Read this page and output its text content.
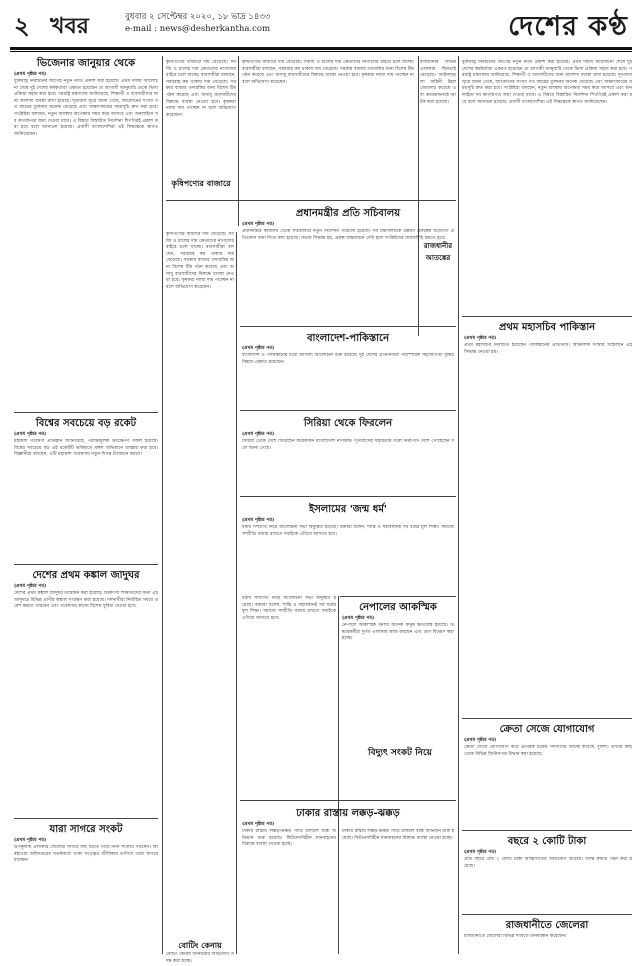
২ খবর	বুধবার ২ সেপ্টেম্বর ২০২০, ১৮ ভাদ্র ১৪৩৩
e-mail : news@desherkantha.com	দেশের কণ্ঠ
ভিজেনার জানুয়ার থেকে
(প্রথম পৃষ্ঠার পর)
যুক্তরাষ্ট্র নির্বাচনের আগেই নতুন নীতি প্রকাশ করা হয়েছে। প্রথম দফায় আলোচনা শেষে দুই দেশের কর্মকর্তারা একমত হয়েছেন যে আগামী জানুয়ারি থেকে ভিসা প্রক্রিয়া সহজ করা হবে। পররাষ্ট্র মন্ত্রণালয় জানিয়েছে, শিক্ষার্থী ও ব্যবসায়ীদের জন্য আলাদা ব্যবস্থা রাখা হয়েছে। দূতাবাস সূত্রে জানা গেছে, আবেদনের সংখ্যা গত বছরের তুলনায় অনেক বেড়েছে এবং সাক্ষাৎকারের সময়সূচি দ্রুত করা হবে। সংশ্লিষ্টরা বলছেন, নতুন ব্যবস্থায় অপেক্ষার সময় কমে আসবে এবং অনলাইনে সব কাগজপত্র জমা দেওয়া যাবে। এ বিষয়ে বিস্তারিত নির্দেশনা শিগগিরই প্রকাশ করা হবে বলে জানানো হয়েছে। প্রবাসী বাংলাদেশিরা এই সিদ্ধান্তকে স্বাগত জানিয়েছেন।
বিশ্বের সবচেয়ে বড় রকেট
(প্রথম পৃষ্ঠার পর)
মহাকাশ গবেষণা প্রতিষ্ঠান জানিয়েছে, পরীক্ষামূলক উৎক্ষেপণ সফল হয়েছে। বিশ্বের সবচেয়ে বড় এই রকেটটি ভবিষ্যতে মঙ্গল অভিযানে ব্যবহার করা হবে। বিজ্ঞানীরা বলছেন, এটি মহাকাশ গবেষণায় নতুন দিগন্ত উন্মোচন করবে।
দেশের প্রথম কঙ্কাল জাদুঘর
(প্রথম পৃষ্ঠার পর)
দেশের প্রথম কঙ্কাল জাদুঘর উদ্বোধন করা হয়েছে। চিকিৎসা শিক্ষার্থীদের জন্য এই জাদুঘরে বিভিন্ন প্রাণীর কঙ্কাল সংরক্ষণ করা হয়েছে। দর্শনার্থীরা নির্ধারিত সময়ে প্রবেশ করতে পারবেন এবং গবেষণার কাজে বিশেষ সুবিধা দেওয়া হবে।
যারা সাগরে সংকট
(প্রথম পৃষ্ঠার পর)
উপকূলীয় এলাকার জেলেরা সাগরে মাছ ধরতে গিয়ে নানা সংকটে পড়ছেন। আবহাওয়া অধিদপ্তরের সতর্কবার্তা থাকা সত্ত্বেও জীবিকার তাগিদে তারা সাগরে যাচ্ছেন।
কৃষিপণ্যের বাজারে
কৃষিপণ্যের বাজারে দাম বেড়েছে। সবজি ও চালের দাম ক্রেতাদের নাগালের বাইরে চলে যাচ্ছে। ব্যবসায়ীরা বলছেন, সরবরাহ কম থাকায় দাম বেড়েছে। সরকার বাজার তদারকির জন্য বিশেষ টিম গঠন করেছে এবং অসাধু ব্যবসায়ীদের বিরুদ্ধে ব্যবস্থা নেওয়া হবে। কৃষকরা ন্যায্য দাম পাচ্ছেন না বলে অভিযোগ করেছেন।
কৃষিপণ্যের বাজারে দাম বেড়েছে। সবজি ও চালের দাম ক্রেতাদের নাগালের বাইরে চলে যাচ্ছে। ব্যবসায়ীরা বলছেন, সরবরাহ কম থাকায় দাম বেড়েছে। সরকার বাজার তদারকির জন্য বিশেষ টিম গঠন করেছে এবং অসাধু ব্যবসায়ীদের বিরুদ্ধে ব্যবস্থা নেওয়া হবে। কৃষকরা ন্যায্য দাম পাচ্ছেন না বলে অভিযোগ করেছেন।
প্রধানমন্ত্রীর প্রতি সচিবালয়
(প্রথম পৃষ্ঠার পর)
প্রধানমন্ত্রীর কার্যালয় থেকে সচিবালয়ে নতুন নির্দেশনা পাঠানো হয়েছে। সব মন্ত্রণালয়কে উন্নয়ন প্রকল্পের অগ্রগতি প্রতিবেদন জমা দিতে বলা হয়েছে। সভায় সিদ্ধান্ত হয়, প্রকল্প বাস্তবায়নে দেরি হলে সংশ্লিষ্টদের জবাবদিহি করতে হবে।
কৃষিপণ্যের বাজারে দাম বেড়েছে। সবজি ও চালের দাম ক্রেতাদের নাগালের বাইরে চলে যাচ্ছে। ব্যবসায়ীরা বলছেন, সরবরাহ কম থাকায় দাম বেড়েছে। সরকার বাজার তদারকির জন্য বিশেষ টিম গঠন করেছে এবং অসাধু ব্যবসায়ীদের বিরুদ্ধে ব্যবস্থা নেওয়া হবে। কৃষকরা ন্যায্য দাম পাচ্ছেন না বলে অভিযোগ করেছেন।
বাংলাদেশ-পাকিস্তানে
(প্রথম পৃষ্ঠার পর)
বাংলাদেশ ও পাকিস্তানের মধ্যে বাণিজ্য আলোচনা শুরু হয়েছে। দুই দেশের প্রতিনিধিরা পারস্পরিক সহযোগিতা বৃদ্ধির বিষয়ে একমত হয়েছেন।
সিরিয়া থেকে ফিরলেন
(প্রথম পৃষ্ঠার পর)
সিরিয়া থেকে দেশে ফিরেছেন কয়েকজন বাংলাদেশি নাগরিক। দূতাবাসের সহায়তায় তারা নিরাপদে দেশে পৌঁছেছেন বলে জানা গেছে।
ইসলামের 'জন্ম ধর্ম'
(প্রথম পৃষ্ঠার পর)
ধর্মীয় সম্প্রীতি নিয়ে আলোচনা সভা অনুষ্ঠিত হয়েছে। বক্তারা বলেন, শান্তি ও সহাবস্থানই সব ধর্মের মূল শিক্ষা। সমাজে সম্প্রীতি বজায় রাখতে সবাইকে এগিয়ে আসতে হবে।
নেপালের আকস্মিক
(প্রথম পৃষ্ঠার পর)
নেপালে আকস্মিক বন্যায় অনেক মানুষ ক্ষতিগ্রস্ত হয়েছে। উদ্ধারকর্মীরা দুর্গত এলাকায় কাজ করছেন এবং ত্রাণ বিতরণ করা হচ্ছে।
ঢাকার রাস্তায় লক্কড়-ঝক্কড়
(প্রথম পৃষ্ঠার পর)
ঢাকার রাস্তায় লক্কড়-ঝক্কড় গাড়ি চলাচল বন্ধে অভিযান শুরু হয়েছে। ফিটনেসবিহীন যানবাহনের বিরুদ্ধে ব্যবস্থা নেওয়া হচ্ছে।
ঢাকার রাস্তায় লক্কড়-ঝক্কড় গাড়ি চলাচল বন্ধে অভিযান শুরু হয়েছে। ফিটনেসবিহীন যানবাহনের বিরুদ্ধে ব্যবস্থা নেওয়া হচ্ছে।
ধর্মীয় সম্প্রীতি নিয়ে আলোচনা সভা অনুষ্ঠিত হয়েছে। বক্তারা বলেন, শান্তি ও সহাবস্থানই সব ধর্মের মূল শিক্ষা। সমাজে সম্প্রীতি বজায় রাখতে সবাইকে এগিয়ে আসতে হবে।
রাজধানীর আতঙ্কের
রাজধানীর বিভিন্ন এলাকায় ছিনতাই বেড়েছে। আইনশৃঙ্খলা বাহিনী টহল জোরদার করেছে এবং কয়েকজনকে আটক করা হয়েছে।
বিদ্যুৎ সংকট নিয়ে
যুক্তরাষ্ট্র নির্বাচনের আগেই নতুন নীতি প্রকাশ করা হয়েছে। প্রথম দফায় আলোচনা শেষে দুই দেশের কর্মকর্তারা একমত হয়েছেন যে আগামী জানুয়ারি থেকে ভিসা প্রক্রিয়া সহজ করা হবে। পররাষ্ট্র মন্ত্রণালয় জানিয়েছে, শিক্ষার্থী ও ব্যবসায়ীদের জন্য আলাদা ব্যবস্থা রাখা হয়েছে। দূতাবাস সূত্রে জানা গেছে, আবেদনের সংখ্যা গত বছরের তুলনায় অনেক বেড়েছে এবং সাক্ষাৎকারের সময়সূচি দ্রুত করা হবে। সংশ্লিষ্টরা বলছেন, নতুন ব্যবস্থায় অপেক্ষার সময় কমে আসবে এবং অনলাইনে সব কাগজপত্র জমা দেওয়া যাবে। এ বিষয়ে বিস্তারিত নির্দেশনা শিগগিরই প্রকাশ করা হবে বলে জানানো হয়েছে। প্রবাসী বাংলাদেশিরা এই সিদ্ধান্তকে স্বাগত জানিয়েছেন।
প্রথম মহাসচিব পাকিস্তান
(প্রথম পৃষ্ঠার পর)
প্রথম মহাসচিব নির্বাচিত হয়েছেন পাকিস্তানের প্রতিনিধি। আঞ্চলিক সংস্থার সম্মেলনে এই সিদ্ধান্ত নেওয়া হয়।
ক্রেতা সেজে যোগাযোগ
(প্রথম পৃষ্ঠার পর)
ক্রেতা সেজে যোগাযোগ করে প্রতারক চক্রের সদস্যদের আটক করেছে পুলিশ। তাদের কাছ থেকে বিভিন্ন জিনিসপত্র উদ্ধার করা হয়েছে।
বছরে ২ কোটি টাকা
(প্রথম পৃষ্ঠার পর)
প্রতি বছরে প্রায় ২ কোটি টাকা আত্মসাতের অভিযোগ উঠেছে। তদন্ত কমিটি গঠন করা হয়েছে।
রাজধানীতে জেলেরা
রাজধানীতে জেলেরা বিভিন্ন দাবিতে মানববন্ধন করেছেন।
বোটিং কেনায়
বোটিং কেনায় অনিয়মের অভিযোগ তদন্ত করা হচ্ছে।
